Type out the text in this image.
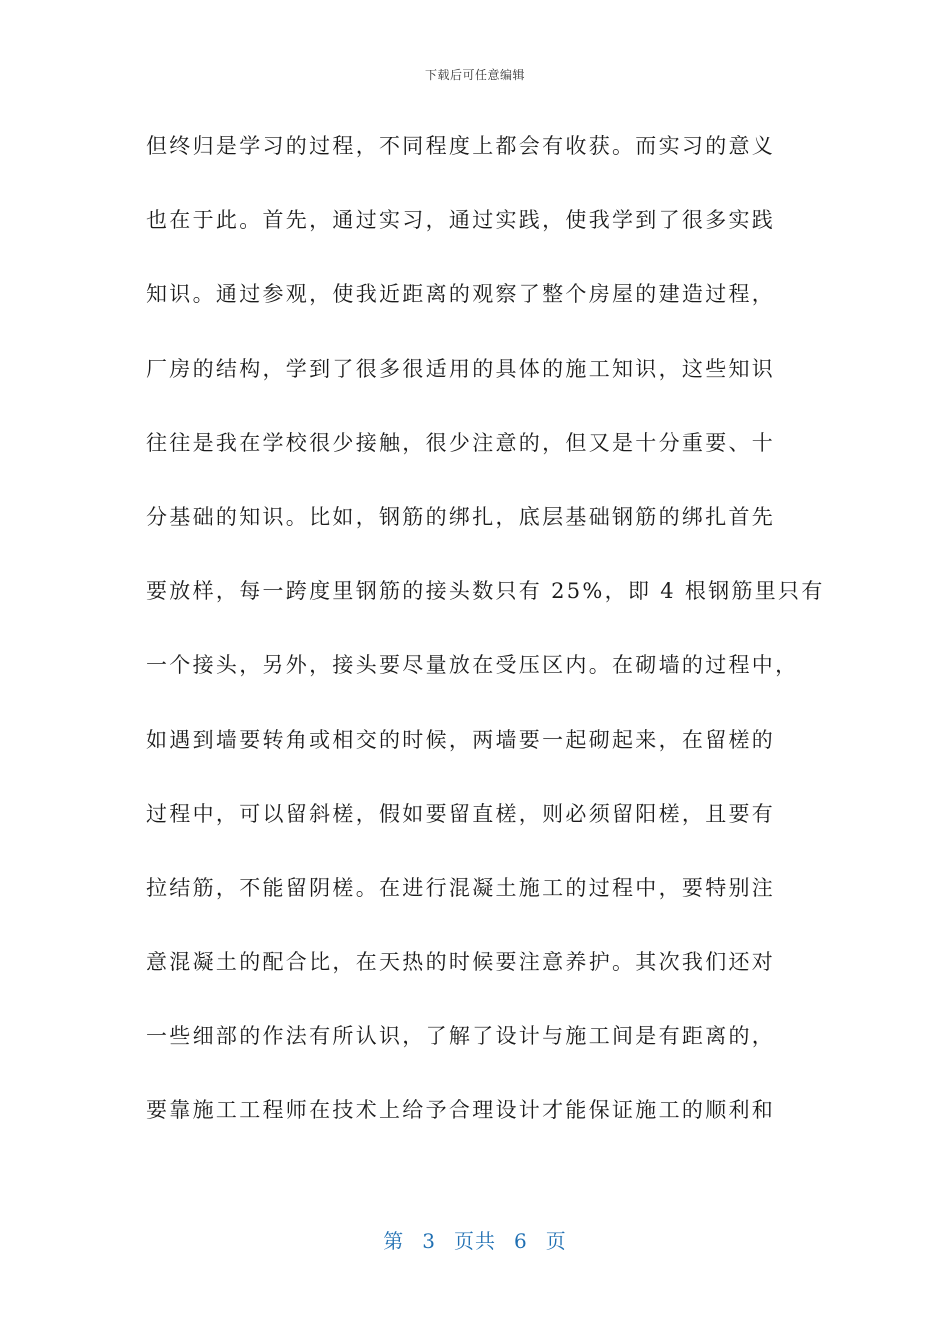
下载后可任意编辑
但终归是学习的过程，不同程度上都会有收获。而实习的意义
也在于此。首先，通过实习，通过实践，使我学到了很多实践
知识。通过参观，使我近距离的观察了整个房屋的建造过程，
厂房的结构，学到了很多很适用的具体的施工知识，这些知识
往往是我在学校很少接触，很少注意的，但又是十分重要、十
分基础的知识。比如，钢筋的绑扎，底层基础钢筋的绑扎首先
要放样，每一跨度里钢筋的接头数只有 25%，即 4 根钢筋里只有
一个接头，另外，接头要尽量放在受压区内。在砌墙的过程中，
如遇到墙要转角或相交的时候，两墙要一起砌起来，在留槎的
过程中，可以留斜槎，假如要留直槎，则必须留阳槎，且要有
拉结筋，不能留阴槎。在进行混凝土施工的过程中，要特别注
意混凝土的配合比，在天热的时候要注意养护。其次我们还对
一些细部的作法有所认识，了解了设计与施工间是有距离的，
要靠施工工程师在技术上给予合理设计才能保证施工的顺利和
第 3 页共 6 页
